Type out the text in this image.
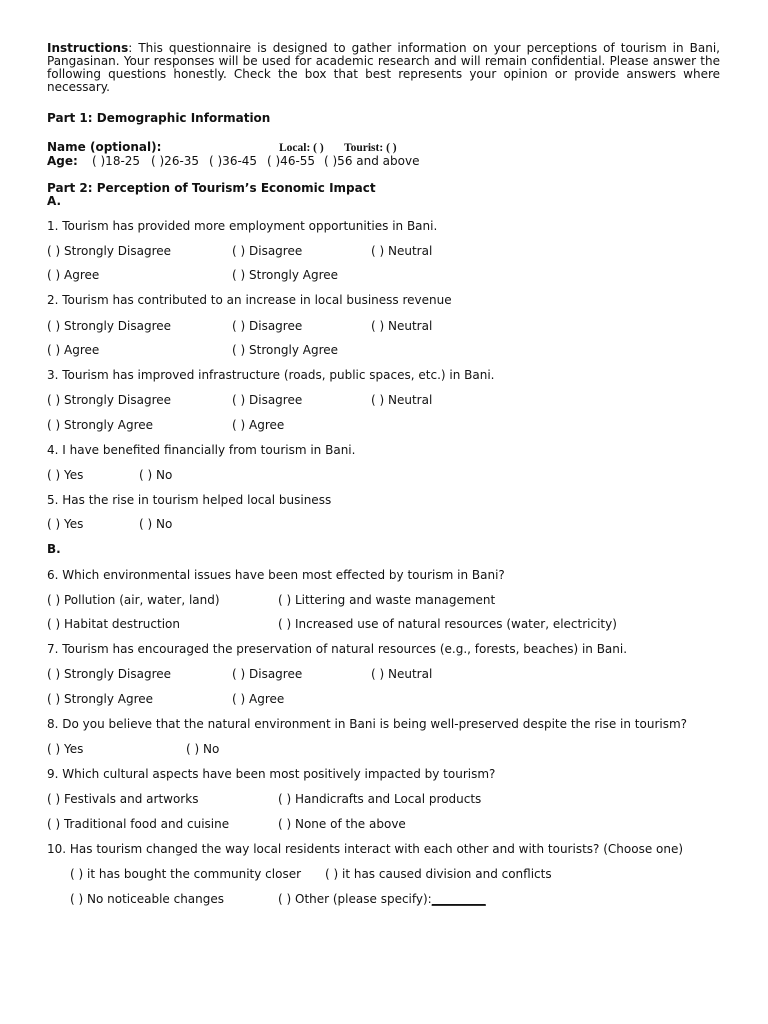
Instructions: This questionnaire is designed to gather information on your perceptions of tourism in Bani, Pangasinan. Your responses will be used for academic research and will remain confidential. Please answer the following questions honestly. Check the box that best represents your opinion or provide answers where necessary.
Part 1: Demographic Information
Name (optional):	Local: ( ) Tourist: ( )
Age: ( )18-25 ( )26-35 ( )36-45 ( )46-55 ( )56 and above
Part 2: Perception of Tourism’s Economic Impact
A.
1. Tourism has provided more employment opportunities in Bani.
( ) Strongly Disagree	( ) Disagree	( ) Neutral
( ) Agree	( ) Strongly Agree
2. Tourism has contributed to an increase in local business revenue
( ) Strongly Disagree	( ) Disagree	( ) Neutral
( ) Agree	( ) Strongly Agree
3. Tourism has improved infrastructure (roads, public spaces, etc.) in Bani.
( ) Strongly Disagree	( ) Disagree	( ) Neutral
( ) Strongly Agree	( ) Agree
4. I have benefited financially from tourism in Bani.
( ) Yes	( ) No
5. Has the rise in tourism helped local business
( ) Yes	( ) No
B.
6. Which environmental issues have been most effected by tourism in Bani?
( ) Pollution (air, water, land)	( ) Littering and waste management
( ) Habitat destruction	( ) Increased use of natural resources (water, electricity)
7. Tourism has encouraged the preservation of natural resources (e.g., forests, beaches) in Bani.
( ) Strongly Disagree	( ) Disagree	( ) Neutral
( ) Strongly Agree	( ) Agree
8. Do you believe that the natural environment in Bani is being well-preserved despite the rise in tourism?
( ) Yes	( ) No
9. Which cultural aspects have been most positively impacted by tourism?
( ) Festivals and artworks	( ) Handicrafts and Local products
( ) Traditional food and cuisine	( ) None of the above
10. Has tourism changed the way local residents interact with each other and with tourists? (Choose one)
( ) it has bought the community closer ( ) it has caused division and conflicts
( ) No noticeable changes	( ) Other (please specify):_________
